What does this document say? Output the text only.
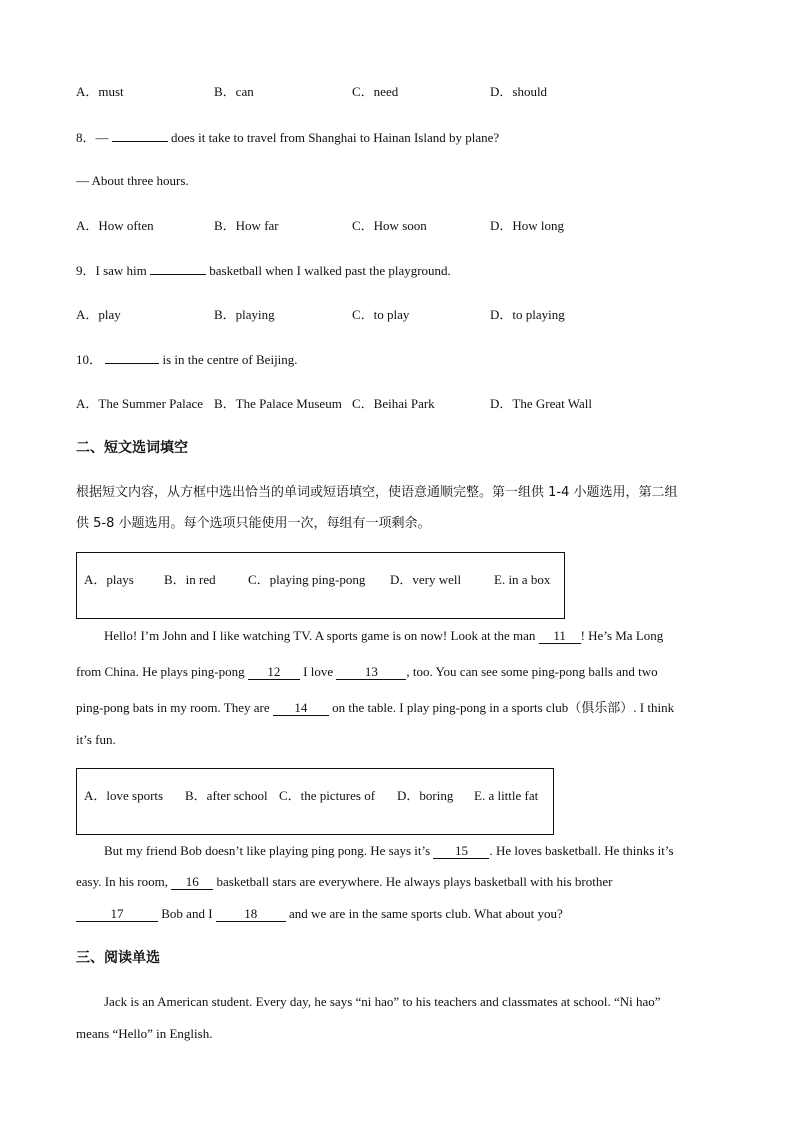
A．must	B．can	C．need	D．should
8．—	does it take to travel from Shanghai to Hainan Island by plane?
— About three hours.
A．How often	B．How far	C．How soon	D．How long
9．I saw him	basketball when I walked past the playground.
A．play	B．playing	C．to play	D．to playing
10．	is in the centre of Beijing.
A．The Summer Palace B．The Palace Museum C．Beihai Park	D．The Great Wall
二、短文选词填空
根据短文内容，从方框中选出恰当的单词或短语填空，使语意通顺完整。第一组供 1-4 小题选用，第二组
供 5-8 小题选用。每个选项只能使用一次，每组有一项剩余。
A．plays B．in red C．playing ping-pong D．very well	E. in a box
Hello! I’m John and I like watching TV. A sports game is on now! Look at the man 11 ! He’s Ma Long
from China. He plays ping-pong 12 I love 13 , too. You can see some ping-pong balls and two
ping-pong bats in my room. They are 14 on the table. I play ping-pong in a sports club（俱乐部）. I think
it’s fun.
A．love sports B．after school C．the pictures of D．boring E. a little fat
But my friend Bob doesn’t like playing ping pong. He says it’s 15 . He loves basketball. He thinks it’s
easy. In his room, 16 basketball stars are everywhere. He always plays basketball with his brother
17	Bob and I 18 and we are in the same sports club. What about you?
三、阅读单选
Jack is an American student. Every day, he says “ni hao” to his teachers and classmates at school. “Ni hao”
means “Hello” in English.
